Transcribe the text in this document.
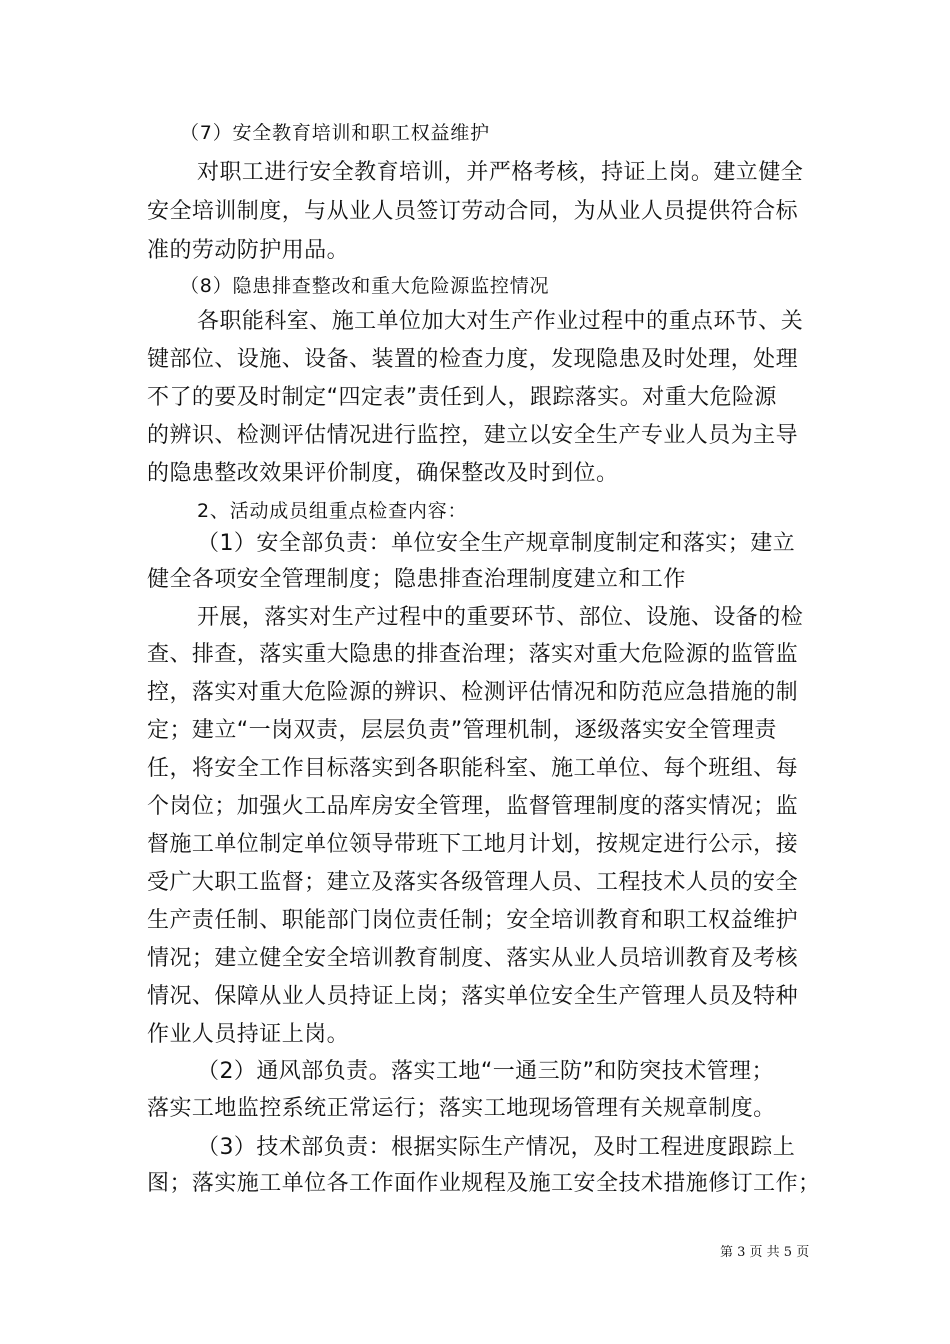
（7）安全教育培训和职工权益维护
对职工进行安全教育培训，并严格考核，持证上岗。建立健全
安全培训制度，与从业人员签订劳动合同，为从业人员提供符合标
准的劳动防护用品。
（8）隐患排查整改和重大危险源监控情况
各职能科室、施工单位加大对生产作业过程中的重点环节、关
键部位、设施、设备、装置的检查力度，发现隐患及时处理，处理
不了的要及时制定“四定表”责任到人，跟踪落实。对重大危险源
的辨识、检测评估情况进行监控，建立以安全生产专业人员为主导
的隐患整改效果评价制度，确保整改及时到位。
2、活动成员组重点检查内容：
（1）安全部负责：单位安全生产规章制度制定和落实；建立
健全各项安全管理制度；隐患排查治理制度建立和工作
开展，落实对生产过程中的重要环节、部位、设施、设备的检
查、排查，落实重大隐患的排查治理；落实对重大危险源的监管监
控，落实对重大危险源的辨识、检测评估情况和防范应急措施的制
定；建立“一岗双责，层层负责”管理机制，逐级落实安全管理责
任，将安全工作目标落实到各职能科室、施工单位、每个班组、每
个岗位；加强火工品库房安全管理，监督管理制度的落实情况；监
督施工单位制定单位领导带班下工地月计划，按规定进行公示，接
受广大职工监督；建立及落实各级管理人员、工程技术人员的安全
生产责任制、职能部门岗位责任制；安全培训教育和职工权益维护
情况；建立健全安全培训教育制度、落实从业人员培训教育及考核
情况、保障从业人员持证上岗；落实单位安全生产管理人员及特种
作业人员持证上岗。
（2）通风部负责。落实工地“一通三防”和防突技术管理；
落实工地监控系统正常运行；落实工地现场管理有关规章制度。
（3）技术部负责：根据实际生产情况，及时工程进度跟踪上
图；落实施工单位各工作面作业规程及施工安全技术措施修订工作；
第 3 页 共 5 页
